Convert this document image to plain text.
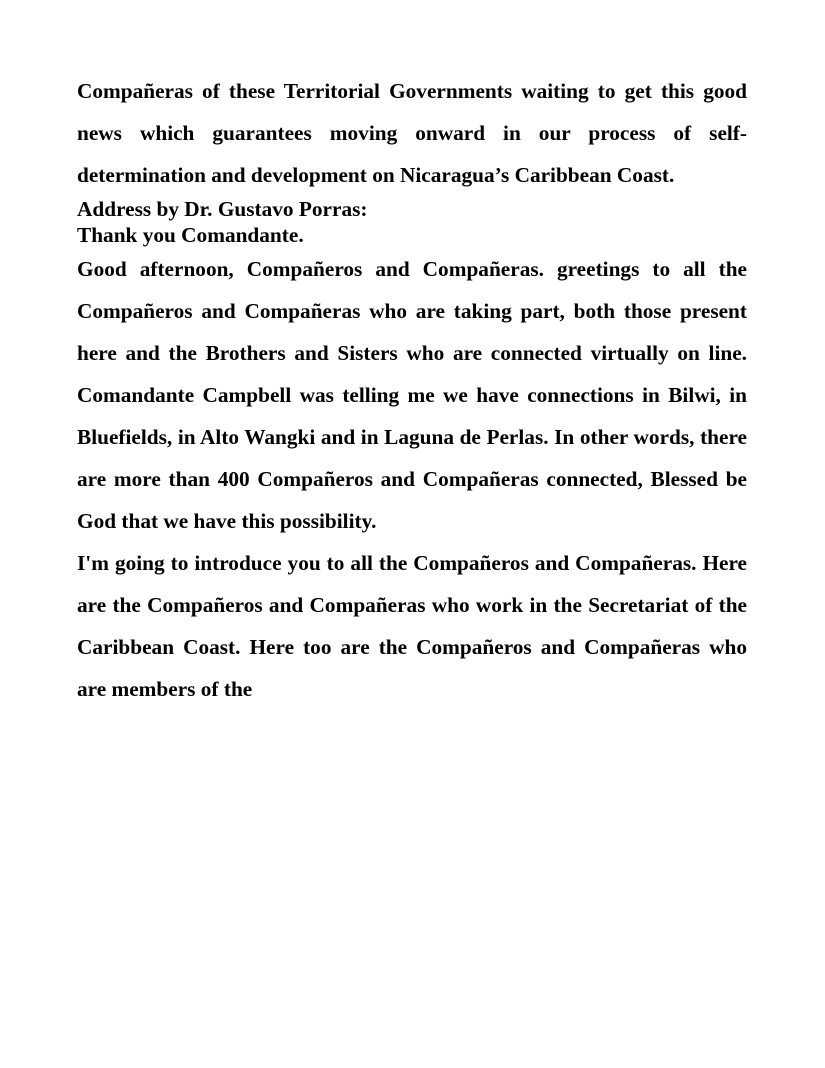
Compañeras of these Territorial Governments waiting to get this good news which guarantees moving onward in our process of self-determination and development on Nicaragua’s Caribbean Coast.

Address by Dr. Gustavo Porras:

Thank you Comandante.

Good afternoon, Compañeros and Compañeras. greetings to all the Compañeros and Compañeras who are taking part, both those present here and the Brothers and Sisters who are connected virtually on line. Comandante Campbell was telling me we have connections in Bilwi, in Bluefields, in Alto Wangki and in Laguna de Perlas. In other words, there are more than 400 Compañeros and Compañeras connected, Blessed be God that we have this possibility.

I'm going to introduce you to all the Compañeros and Compañeras. Here are the Compañeros and Compañeras who work in the Secretariat of the Caribbean Coast. Here too are the Compañeros and Compañeras who are members of the
